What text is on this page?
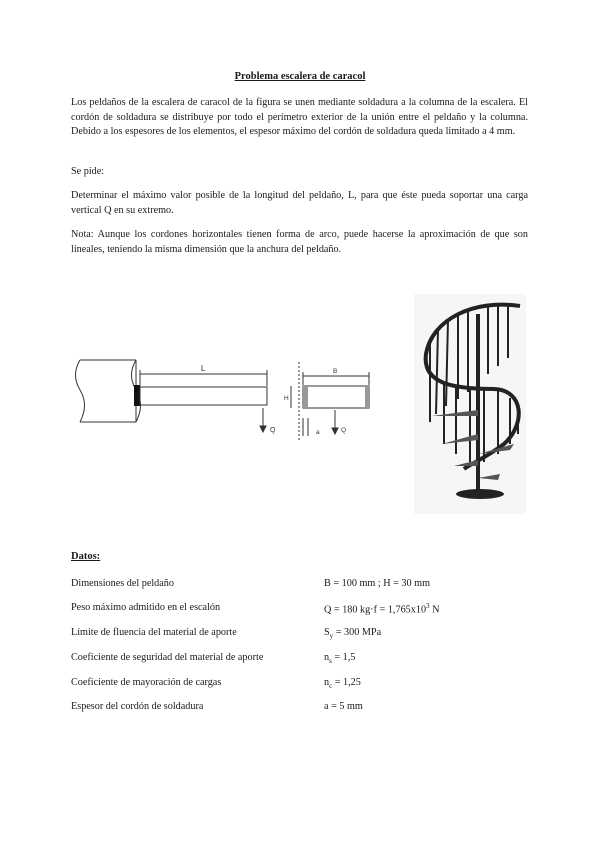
Problema escalera de caracol
Los peldaños de la escalera de caracol de la figura se unen mediante soldadura a la columna de la escalera. El cordón de soldadura se distribuye por todo el perímetro exterior de la unión entre el peldaño y la columna. Debido a los espesores de los elementos, el espesor máximo del cordón de soldadura queda limitado a 4 mm.
Se pide:
Determinar el máximo valor posible de la longitud del peldaño, L, para que éste pueda soportar una carga vertical Q en su extremo.
Nota: Aunque los cordones horizontales tienen forma de arco, puede hacerse la aproximación de que son lineales, teniendo la misma dimensión que la anchura del peldaño.
L
Q
B
H
a	Q
Datos:
Dimensiones del peldaño	B = 100 mm ; H = 30 mm
Peso máximo admitido en el escalón	Q = 180 $kg\cdot f = 1,765x10^3$ N
Límite de fluencia del material de aporte	$S_y = 300$ MPa
Coeficiente de seguridad del material de aporte	$n_s = 1,5$
Coeficiente de mayoración de cargas	$n_c = 1,25$
Espesor del cordón de soldadura	a = 5 mm
